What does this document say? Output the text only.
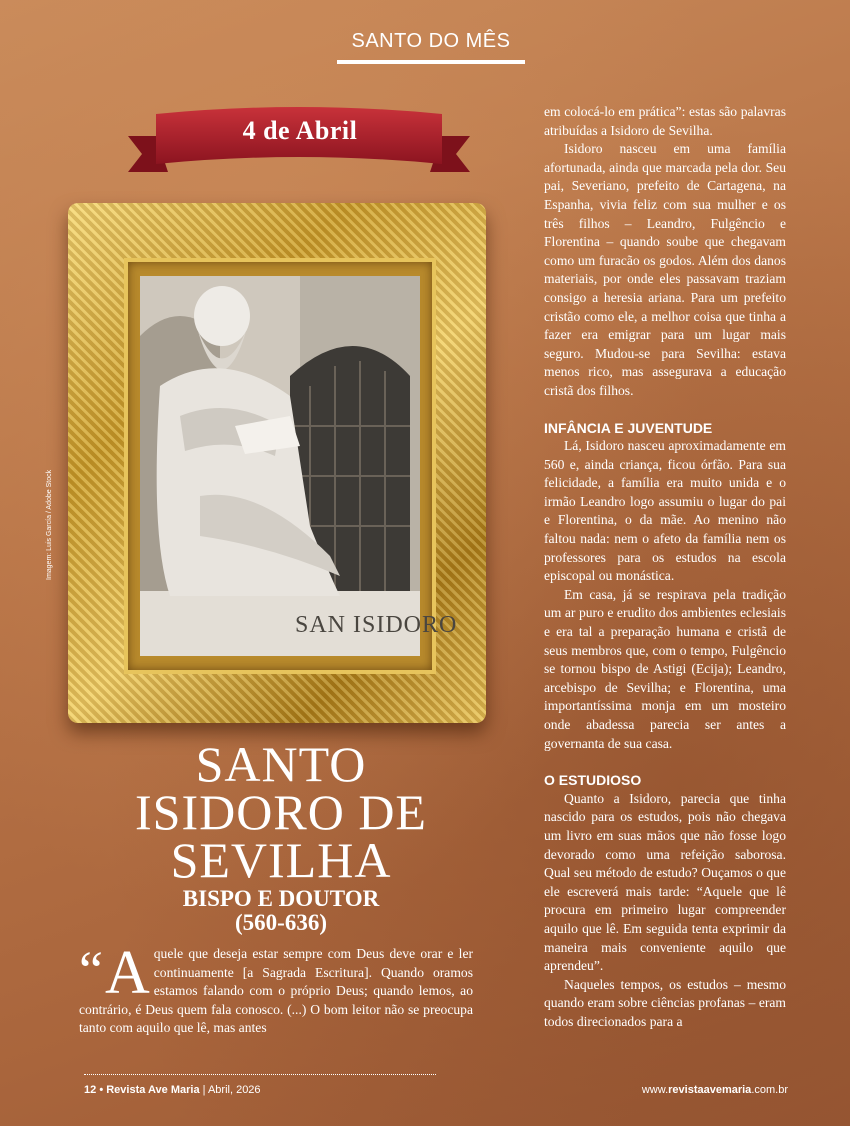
SANTO DO MÊS
4 de Abril
SAN ISIDORO
Imagem: Luis García / Adobe Stock
SANTO
ISIDORO DE
SEVILHA
BISPO E DOUTOR
(560-636)
“ A quele que deseja estar sempre com Deus deve orar e ler continuamente [a Sagrada Escritura]. Quando oramos estamos falando com o próprio Deus; quando lemos, ao contrário, é Deus quem fala conosco. (...) O bom leitor não se preocupa tanto com aquilo que lê, mas antes

em colocá-lo em prática”: estas são palavras atribuídas a Isidoro de Sevilha.

Isidoro nasceu em uma família afortunada, ainda que marcada pela dor. Seu pai, Severiano, prefeito de Cartagena, na Espanha, vivia feliz com sua mulher e os três filhos – Leandro, Fulgêncio e Florentina – quando soube que chegavam como um furacão os godos. Além dos danos materiais, por onde eles passavam traziam consigo a heresia ariana. Para um prefeito cristão como ele, a melhor coisa que tinha a fazer era emigrar para um lugar mais seguro. Mudou-se para Sevilha: estava menos rico, mas assegurava a educação cristã dos filhos.

INFÂNCIA E JUVENTUDE

Lá, Isidoro nasceu aproximadamente em 560 e, ainda criança, ficou órfão. Para sua felicidade, a família era muito unida e o irmão Leandro logo assumiu o lugar do pai e Florentina, o da mãe. Ao menino não faltou nada: nem o afeto da família nem os professores para os estudos na escola episcopal ou monástica.

Em casa, já se respirava pela tradição um ar puro e erudito dos ambientes eclesiais e era tal a preparação humana e cristã de seus membros que, com o tempo, Fulgêncio se tornou bispo de Astigi (Ecija); Leandro, arcebispo de Sevilha; e Florentina, uma importantíssima monja em um mosteiro onde abadessa parecia ser antes a governanta de sua casa.

O ESTUDIOSO

Quanto a Isidoro, parecia que tinha nascido para os estudos, pois não chegava um livro em suas mãos que não fosse logo devorado como uma refeição saborosa. Qual seu método de estudo? Ouçamos o que ele escreverá mais tarde: “Aquele que lê procura em primeiro lugar compreender aquilo que lê. Em seguida tenta exprimir da maneira mais conveniente aquilo que aprendeu”.

Naqueles tempos, os estudos – mesmo quando eram sobre ciências profanas – eram todos direcionados para a

12 • Revista Ave Maria | Abril, 2026	www.revistaavemaria.com.br
